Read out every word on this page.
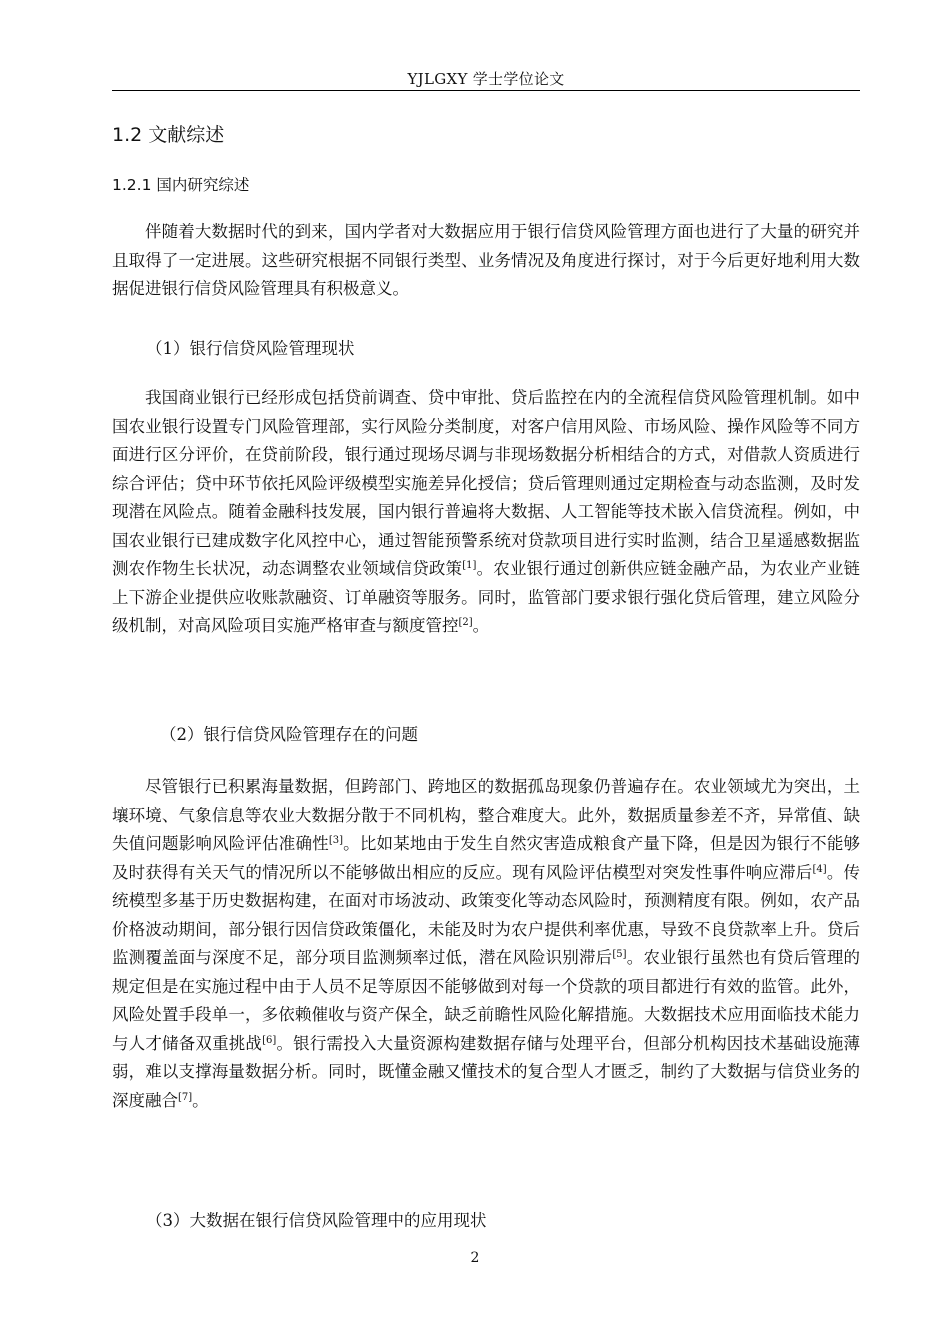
YJLGXY 学士学位论文
1.2 文献综述
1.2.1 国内研究综述

伴随着大数据时代的到来，国内学者对大数据应用于银行信贷风险管理方面也进行了大量的研究并且取得了一定进展。这些研究根据不同银行类型、业务情况及角度进行探讨，对于今后更好地利用大数据促进银行信贷风险管理具有积极意义。

（1）银行信贷风险管理现状

我国商业银行已经形成包括贷前调查、贷中审批、贷后监控在内的全流程信贷风险管理机制。如中国农业银行设置专门风险管理部，实行风险分类制度，对客户信用风险、市场风险、操作风险等不同方面进行区分评价，在贷前阶段，银行通过现场尽调与非现场数据分析相结合的方式，对借款人资质进行综合评估；贷中环节依托风险评级模型实施差异化授信；贷后管理则通过定期检查与动态监测，及时发现潜在风险点。随着金融科技发展，国内银行普遍将大数据、人工智能等技术嵌入信贷流程。例如，中国农业银行已建成数字化风控中心，通过智能预警系统对贷款项目进行实时监测，结合卫星遥感数据监测农作物生长状况，动态调整农业领域信贷政策[1]。农业银行通过创新供应链金融产品，为农业产业链上下游企业提供应收账款融资、订单融资等服务。同时，监管部门要求银行强化贷后管理，建立风险分级机制，对高风险项目实施严格审查与额度管控[2]。

（2）银行信贷风险管理存在的问题

尽管银行已积累海量数据，但跨部门、跨地区的数据孤岛现象仍普遍存在。农业领域尤为突出，土壤环境、气象信息等农业大数据分散于不同机构，整合难度大。此外，数据质量参差不齐，异常值、缺失值问题影响风险评估准确性[3]。比如某地由于发生自然灾害造成粮食产量下降，但是因为银行不能够及时获得有关天气的情况所以不能够做出相应的反应。现有风险评估模型对突发性事件响应滞后[4]。传统模型多基于历史数据构建，在面对市场波动、政策变化等动态风险时，预测精度有限。例如，农产品价格波动期间，部分银行因信贷政策僵化，未能及时为农户提供利率优惠，导致不良贷款率上升。贷后监测覆盖面与深度不足，部分项目监测频率过低，潜在风险识别滞后[5]。农业银行虽然也有贷后管理的规定但是在实施过程中由于人员不足等原因不能够做到对每一个贷款的项目都进行有效的监管。此外，风险处置手段单一，多依赖催收与资产保全，缺乏前瞻性风险化解措施。大数据技术应用面临技术能力与人才储备双重挑战[6]。银行需投入大量资源构建数据存储与处理平台，但部分机构因技术基础设施薄弱，难以支撑海量数据分析。同时，既懂金融又懂技术的复合型人才匮乏，制约了大数据与信贷业务的深度融合[7]。

（3）大数据在银行信贷风险管理中的应用现状

2
